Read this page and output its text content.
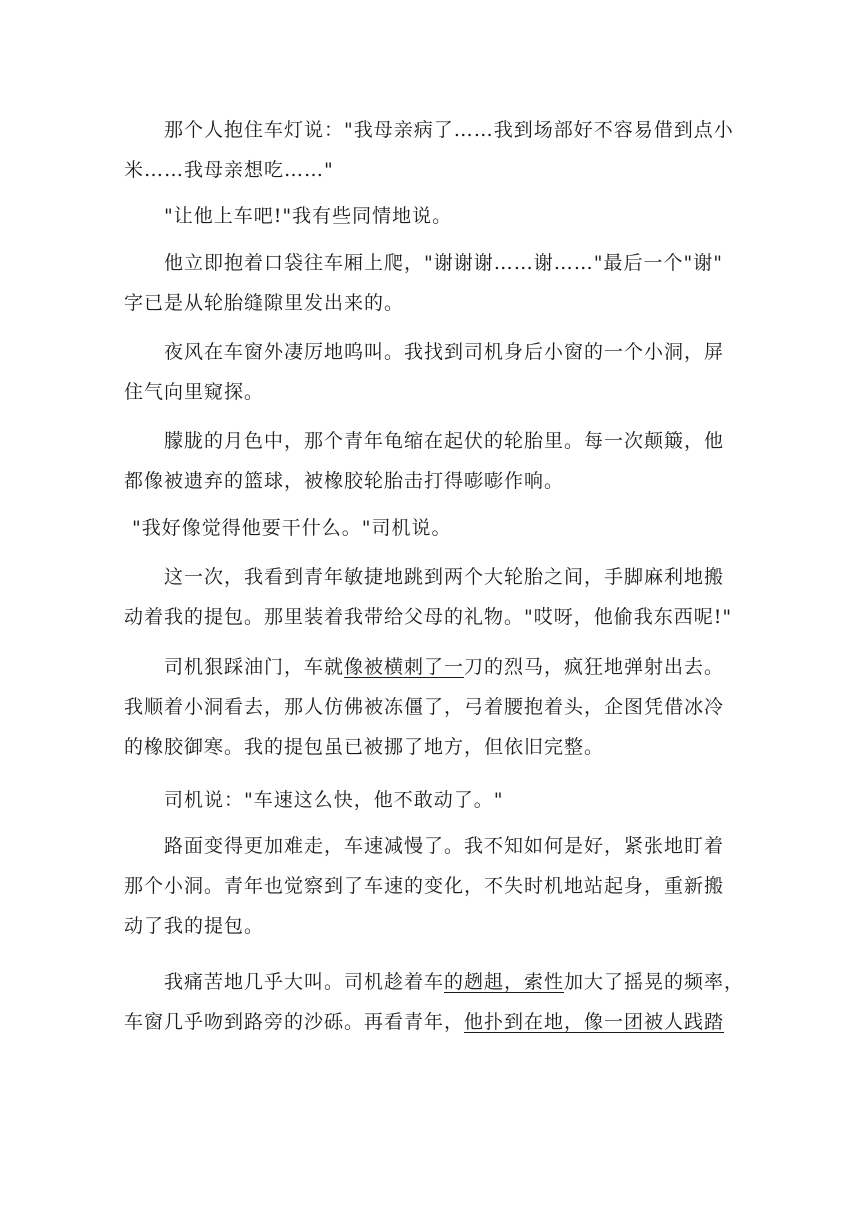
　　那个人抱住车灯说："我母亲病了……我到场部好不容易借到点小
米……我母亲想吃……"
　　"让他上车吧!"我有些同情地说。
　　他立即抱着口袋往车厢上爬，"谢谢谢……谢……"最后一个"谢"
字已是从轮胎缝隙里发出来的。
　　夜风在车窗外凄厉地呜叫。我找到司机身后小窗的一个小洞，屏
住气向里窥探。
　　朦胧的月色中，那个青年龟缩在起伏的轮胎里。每一次颠簸，他
都像被遗弃的篮球，被橡胶轮胎击打得嘭嘭作响。
"我好像觉得他要干什么。"司机说。
　　这一次，我看到青年敏捷地跳到两个大轮胎之间，手脚麻利地搬
动着我的提包。那里装着我带给父母的礼物。"哎呀，他偷我东西呢!"
　　司机狠踩油门，车就像被横刺了一刀的烈马，疯狂地弹射出去。
我顺着小洞看去，那人仿佛被冻僵了，弓着腰抱着头，企图凭借冰冷
的橡胶御寒。我的提包虽已被挪了地方，但依旧完整。
　　司机说："车速这么快，他不敢动了。"
　　路面变得更加难走，车速减慢了。我不知如何是好，紧张地盯着
那个小洞。青年也觉察到了车速的变化，不失时机地站起身，重新搬
动了我的提包。
　　我痛苦地几乎大叫。司机趁着车的趔趄，索性加大了摇晃的频率，
车窗几乎吻到路旁的沙砾。再看青年，他扑到在地，像一团被人践踏
